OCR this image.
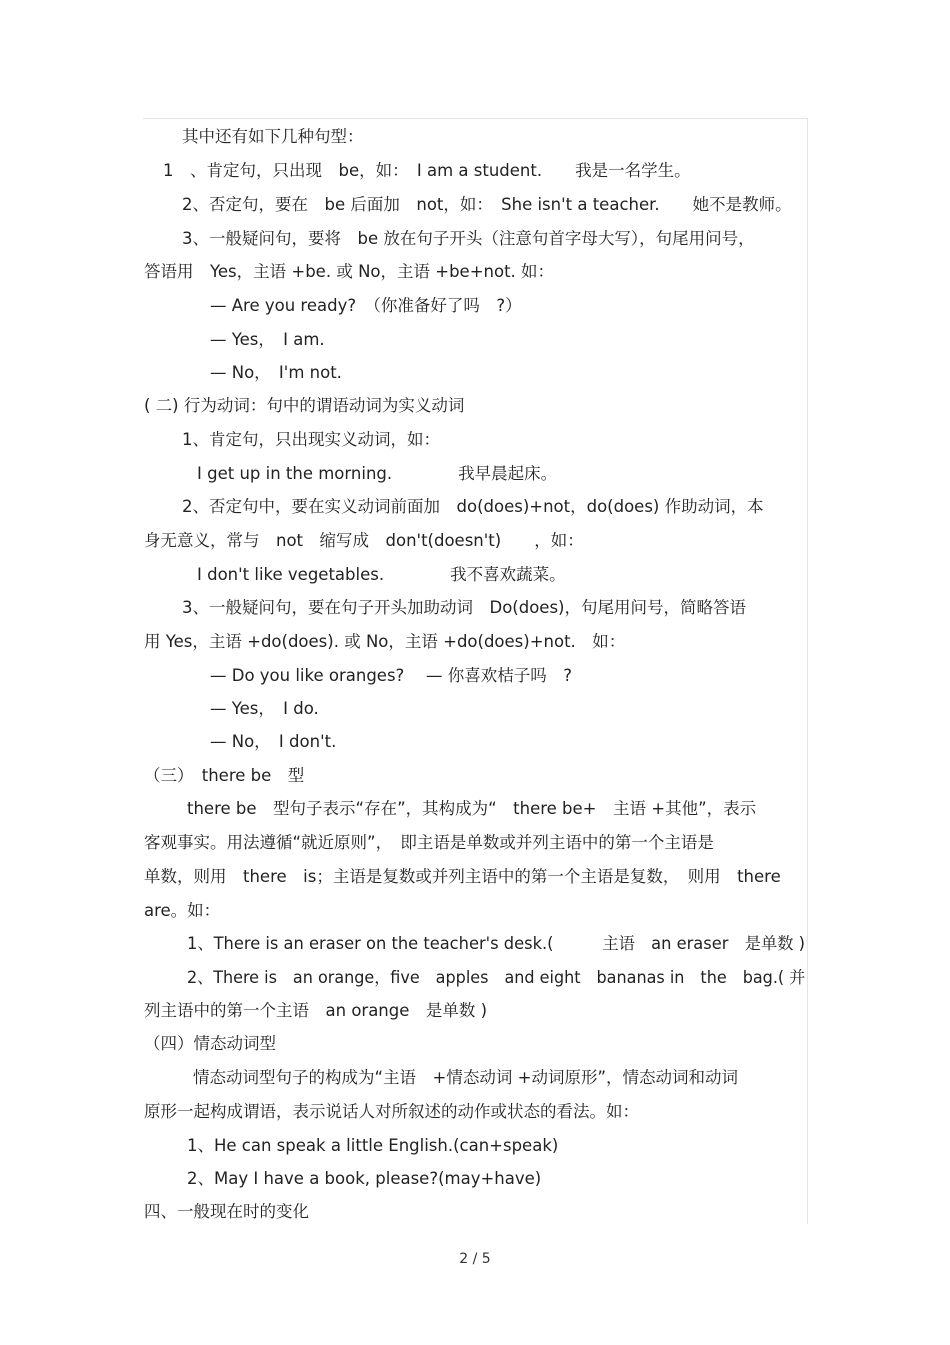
其中还有如下几种句型：
1　、肯定句，只出现　be，如：　I am a student.　　我是一名学生。
2、否定句，要在　be 后面加　not，如：　She isn't a teacher.　　她不是教师。
3、一般疑问句，要将　be 放在句子开头（注意句首字母大写），句尾用问号，
答语用　Yes，主语 +be. 或 No，主语 +be+not. 如：
— Are you ready?　（你准备好了吗　?）
— Yes，　I am.
— No，　I'm not.
( 二) 行为动词：句中的谓语动词为实义动词
1、肯定句，只出现实义动词，如：
I get up in the morning.　　　　我早晨起床。
2、否定句中，要在实义动词前面加　do(does)+not，do(does) 作助动词，本
身无意义，常与　not　缩写成　don't(doesn't)　　，如：
I don't like vegetables.　　　　我不喜欢蔬菜。
3、一般疑问句，要在句子开头加助动词　Do(does)，句尾用问号，简略答语
用 Yes，主语 +do(does). 或 No，主语 +do(does)+not.　如：
— Do you like oranges?　 — 你喜欢桔子吗　?
— Yes，　I do.
— No，　I don't.
（三）　there be　型
there be　型句子表示“存在”，其构成为“　there be+　主语 +其他”，表示
客观事实。用法遵循“就近原则”，　即主语是单数或并列主语中的第一个主语是
单数，则用　there　is；主语是复数或并列主语中的第一个主语是复数，　则用　there
are。如：
1、There is an eraser on the teacher's desk.(　　　主语　an eraser　是单数 )
2、There is　an orange，five　apples　and eight　bananas in　the　bag.( 并
列主语中的第一个主语　an orange　是单数 )
（四）情态动词型
情态动词型句子的构成为“主语　+情态动词 +动词原形”，情态动词和动词
原形一起构成谓语，表示说话人对所叙述的动作或状态的看法。如：
1、He can speak a little English.(can+speak)
2、May I have a book, please?(may+have)
四、一般现在时的变化
2 / 5
